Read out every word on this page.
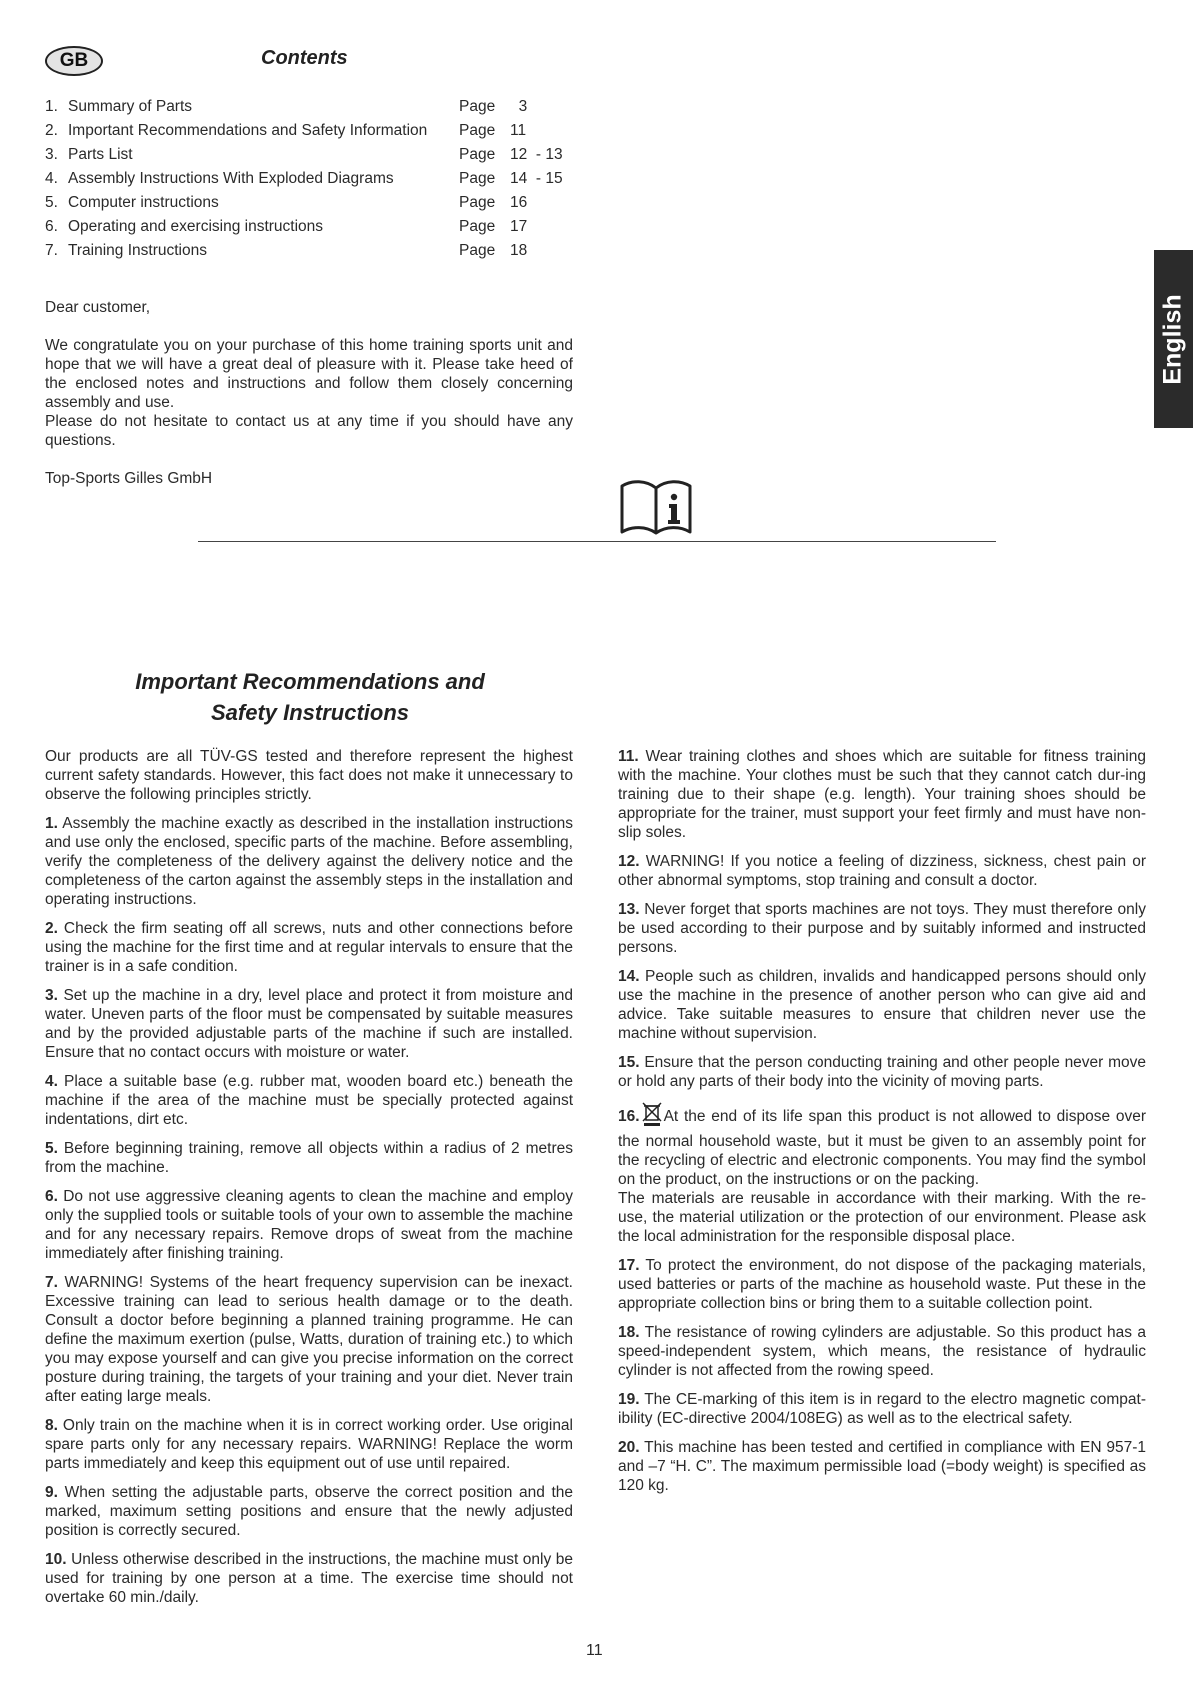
GB	Contents
1. Summary of Parts	Page 3
2. Important Recommendations and Safety Information Page 11
3. Parts List	Page 12  - 13
4. Assembly Instructions With Exploded Diagrams	Page 14  - 15
5. Computer instructions	Page 16
6. Operating and exercising instructions	Page 17
7. Training Instructions	Page 18

Dear customer,

We congratulate you on your purchase of this home training sports unit and hope that we will have a great deal of pleasure with it. Please take heed of the enclosed notes and instructions and follow them closely concerning assembly and use.

Please do not hesitate to contact us at any time if you should have any questions.

Top-Sports Gilles GmbH

English
Important Recommendations and
Safety Instructions

Our products are all TÜV-GS tested and therefore represent the highest current safety standards. However, this fact does not make it unnecessary to observe the following principles strictly.

1. Assembly the machine exactly as described in the installation instructions and use only the enclosed, specific parts of the machine. Before assembling, verify the completeness of the delivery against the delivery notice and the completeness of the carton against the assembly steps in the installation and operating instructions.

2. Check the firm seating off all screws, nuts and other connections before using the machine for the first time and at regular intervals to ensure that the trainer is in a safe condition.

3. Set up the machine in a dry, level place and protect it from moisture and water. Uneven parts of the floor must be compensated by suitable measures and by the provided adjustable parts of the machine if such are installed. Ensure that no contact occurs with moisture or water.

4. Place a suitable base (e.g. rubber mat, wooden board etc.) beneath the machine if the area of the machine must be specially protected against indentations, dirt etc.

5. Before beginning training, remove all objects within a radius of 2 metres from the machine.

6. Do not use aggressive cleaning agents to clean the machine and employ only the supplied tools or suitable tools of your own to assemble the machine and for any necessary repairs. Remove drops of sweat from the machine immediately after finishing training.

7. WARNING! Systems of the heart frequency supervision can be inexact. Excessive training can lead to serious health damage or to the death. Consult a doctor before beginning a planned training programme. He can define the maximum exertion (pulse, Watts, duration of training etc.) to which you may expose yourself and can give you precise information on the correct posture during training, the targets of your training and your diet. Never train after eating large meals.

8. Only train on the machine when it is in correct working order. Use original spare parts only for any necessary repairs. WARNING! Replace the worm parts immediately and keep this equipment out of use until repaired.

9. When setting the adjustable parts, observe the correct position and the marked, maximum setting positions and ensure that the newly adjusted position is correctly secured.

10. Unless otherwise described in the instructions, the machine must only be used for training by one person at a time. The exercise time should not overtake 60 min./daily.

11. Wear training clothes and shoes which are suitable for fitness training with the machine. Your clothes must be such that they cannot catch dur-ing training due to their shape (e.g. length). Your training shoes should be appropriate for the trainer, must support your feet firmly and must have non-slip soles.

12. WARNING! If you notice a feeling of dizziness, sickness, chest pain or other abnormal symptoms, stop training and consult a doctor.

13. Never forget that sports machines are not toys. They must therefore only be used according to their purpose and by suitably informed and instructed persons.

14. People such as children, invalids and handicapped persons should only use the machine in the presence of another person who can give aid and advice. Take suitable measures to ensure that children never use the machine without supervision.

15. Ensure that the person conducting training and other people never move or hold any parts of their body into the vicinity of moving parts.

16. At the end of its life span this product is not allowed to dispose over the normal household waste, but it must be given to an assembly point for the recycling of electric and electronic components. You may find the symbol on the product, on the instructions or on the packing.

The materials are reusable in accordance with their marking. With the re-use, the material utilization or the protection of our environment. Please ask the local administration for the responsible disposal place.

17. To protect the environment, do not dispose of the packaging materials, used batteries or parts of the machine as household waste. Put these in the appropriate collection bins or bring them to a suitable collection point.

18. The resistance of rowing cylinders are adjustable. So this product has a speed-independent system, which means, the resistance of hydraulic cylinder is not affected from the rowing speed.

19. The CE-marking of this item is in regard to the electro magnetic compat-ibility (EC-directive 2004/108EG) as well as to the electrical safety.

20. This machine has been tested and certified in compliance with EN 957-1 and –7 “H. C”. The maximum permissible load (=body weight) is specified as 120 kg.

11
